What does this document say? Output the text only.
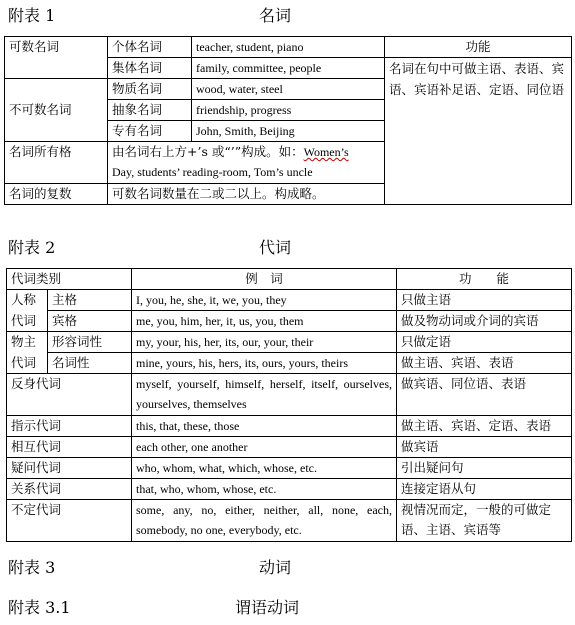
附表 1	名词
可数名词	个体名词	teacher, student, piano	功能
	集体名词	family, committee, people	名词在句中可做主语、表语、宾语、宾语补足语、定语、同位语
	物质名词	wood, water, steel	
不可数名词	抽象名词	friendship, progress	
	专有名词	John, Smith, Beijing	
名词所有格	由名词右上方+’s 或“’”构成。如：Women’s
Day, students’ reading-room, Tom’s uncle		
名词的复数	可数名词数量在二或二以上。构成略。		
附表 2	代词
代词类别		例　词	功　　能
人称	主格	I, you, he, she, it, we, you, they	只做主语
代词	宾格	me, you, him, her, it, us, you, them	做及物动词或介词的宾语
物主	形容词性	my, your, his, her, its, our, your, their	只做定语
代词	名词性	mine, yours, his, hers, its, ours, yours, theirs	做主语、宾语、表语
反身代词		myself, yourself, himself, herself, itself, ourselves, yourselves, themselves	做宾语、同位语、表语
指示代词		this, that, these, those	做主语、宾语、定语、表语
相互代词		each other, one another	做宾语
疑问代词		who, whom, what, which, whose, etc.	引出疑问句
关系代词		that, who, whom, whose, etc.	连接定语从句
不定代词		some, any, no, either, neither, all, none, each, somebody, no one, everybody, etc.	视情况而定，一般的可做定语、主语、宾语等
附表 3	动词
附表 3.1	谓语动词
